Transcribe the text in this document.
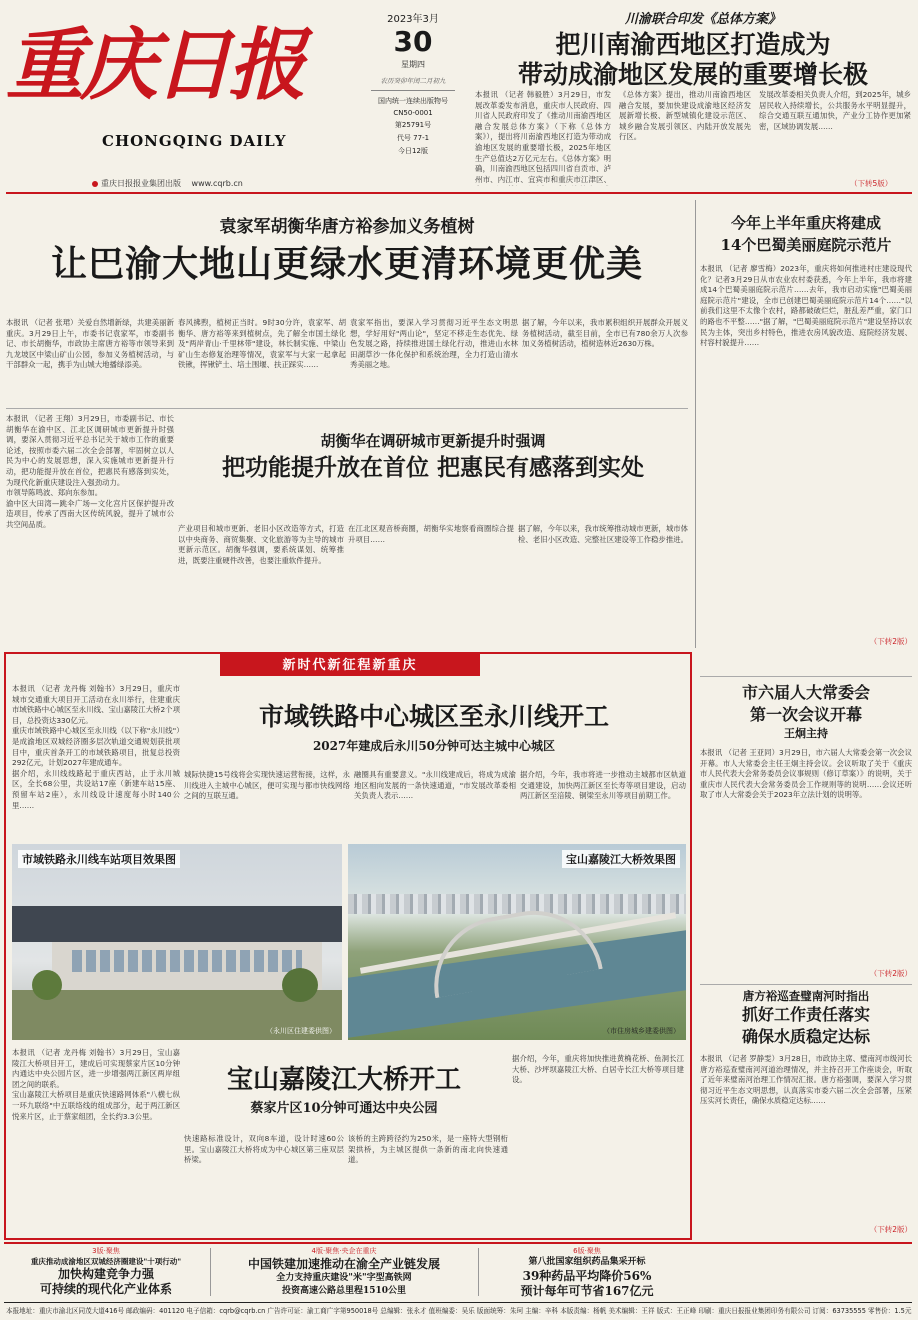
重庆日报
CHONGQING DAILY
重庆日报报业集团出版 www.cqrb.cn
2023年3月
30
星期四
农历癸卯年闰二月初九
国内统一连续出版物号
CN50-0001
第25791号
代号 77-1
今日12版
川渝联合印发《总体方案》
把川南渝西地区打造成为
带动成渝地区发展的重要增长极
本报讯 （记者 韩毅胜）3月29日，市发展改革委发布消息，重庆市人民政府、四川省人民政府印发了《推动川南渝西地区融合发展总体方案》（下称《总体方案》），提出将川南渝西地区打造为带动成渝地区发展的重要增长极，2025年地区生产总值达2万亿元左右。《总体方案》明确，川南渝西地区包括四川省自贡市、泸州市、内江市、宜宾市和重庆市江津区、
《总体方案》提出，推动川南渝西地区融合发展，要加快建设成渝地区经济发展新增长极、新型城镇化建设示范区、城乡融合发展引领区、内陆开放发展先行区。
发展改革委相关负责人介绍，到2025年，城乡居民收入持续增长，公共服务水平明显提升，综合交通互联互通加快，产业分工协作更加紧密，区域协调发展……
（下转5版）
袁家军胡衡华唐方裕参加义务植树
让巴渝大地山更绿水更清环境更优美
本报讯 （记者 张珺）关爱自然增新绿，共建美丽新重庆。3月29日上午，市委书记袁家军，市委副书记、市长胡衡华，市政协主席唐方裕等市领导来到九龙坡区中梁山矿山公园，参加义务植树活动，与干部群众一起，携手为山城大地播绿添美。
春风拂煦，植树正当时。9时30分许，袁家军、胡衡华、唐方裕等来到植树点，先了解全市国土绿化及"两岸青山·千里林带"建设，林长制实施、中梁山矿山生态修复治理等情况，袁家军与大家一起拿起铁锹，挥锹铲土、培土围堰、扶正踩实……
袁家军指出，要深入学习贯彻习近平生态文明思想，学好用好"两山论"，坚定不移走生态优先、绿色发展之路，持续推进国土绿化行动，推进山水林田湖草沙一体化保护和系统治理，全力打造山清水秀美丽之地。
据了解，今年以来，我市累积组织开展群众开展义务植树活动，截至目前，全市已有780余万人次参加义务植树活动，植树造林近2630万株。
本报讯 （记者 王翔）3月29日，市委副书记、市长胡衡华在渝中区、江北区调研城市更新提升时强调，要深入贯彻习近平总书记关于城市工作的重要论述，按照市委六届二次全会部署，牢固树立以人民为中心的发展思想，深入实施城市更新提升行动，把功能提升放在首位，把惠民有感落到实处，为现代化新重庆建设注入强劲动力。
市领导陈鸣波、郑向东参加。
渝中区大田湾—跳伞广场—文化宫片区保护提升改造项目，传承了西南大区传统风貌，提升了城市公共空间品质。
胡衡华在调研城市更新提升时强调
把功能提升放在首位 把惠民有感落到实处
产业项目和城市更新、老旧小区改造等方式，打造以中央商务、商贸集聚、文化旅游等为主导的城市更新示范区。胡衡华强调，要系统谋划、统筹推进，既要注重硬件改善，也要注重软件提升。
在江北区观音桥商圈，胡衡华实地察看商圈综合提升项目……
据了解，今年以来，我市统筹推动城市更新，城市体检、老旧小区改造、完整社区建设等工作稳步推进。
新时代新征程新重庆
本报讯 （记者 龙丹梅 刘翰书）3月29日，重庆市城市交通重大项目开工活动在永川举行，住建重庆市域铁路中心城区至永川线、宝山嘉陵江大桥2个项目，总投资达330亿元。
重庆市域铁路中心城区至永川线（以下称"永川线"）是成渝地区双城经济圈多层次轨道交通规划获批项目中，重庆首条开工的市域铁路项目，批复总投资292亿元，计划2027年建成通车。
据介绍，永川线线路起于重庆西站，止于永川城区，全长68公里，共设站17座（新建车站15座、预留车站2座），永川线设计速度每小时140公里……
市域铁路中心城区至永川线开工
2027年建成后永川50分钟可达主城中心城区
城际快捷15号线将会实现快速运营衔接，这样，永川线进入主城中心城区，便可实现与都市快线网络之间的互联互通。
融圈具有重要意义。"永川线建成后，将成为成渝地区相向发展的一条快速通道，"市发展改革委相关负责人表示……
据介绍，今年，我市将进一步推动主城都市区轨道交通建设，加快两江新区至长寿等项目建设，启动两江新区至涪陵、铜梁至永川等项目前期工作。
市域铁路永川线车站项目效果图
（永川区住建委供图）
宝山嘉陵江大桥效果图
（市住房城乡建委供图）
本报讯 （记者 龙丹梅 刘翰书）3月29日，宝山嘉陵江大桥项目开工，建成后可实现蔡家片区10分钟内通达中央公园片区，进一步增强两江新区两岸组团之间的联系。
宝山嘉陵江大桥项目是重庆快速路网体系"八横七纵一环九联络"中五联络线的组成部分，起于两江新区悦来片区，止于蔡家组团，全长约3.3公里。
宝山嘉陵江大桥开工
蔡家片区10分钟可通达中央公园
快速路标准设计，双向8车道，设计时速60公里。宝山嘉陵江大桥将成为中心城区第三座双层桥梁。
该桥的主跨跨径约为250米，是一座特大型钢桁架拱桥，为主城区提供一条新的南北向快速通道。
据介绍，今年，重庆将加快推进黄桷花桥、鱼洞长江大桥、沙坪坝嘉陵江大桥、白居寺长江大桥等项目建设。
今年上半年重庆将建成
14个巴蜀美丽庭院示范片
本报讯 （记者 廖雪梅）2023年，重庆将如何推进村庄建设现代化？记者3月29日从市农业农村委获悉，今年上半年，我市将建成14个巴蜀美丽庭院示范片……去年，我市启动实施"巴蜀美丽庭院示范片"建设，全市已创建巴蜀美丽庭院示范片14个……"以前我们这里不太像个农村，路都破破烂烂，脏乱差严重，家门口的路也不平整……"据了解，"巴蜀美丽庭院示范片"建设坚持以农民为主体，突出乡村特色，推进农房风貌改造、庭院经济发展、村容村貌提升……
（下转2版）
市六届人大常委会
第一次会议开幕
王炯主持
本报讯 （记者 王亚同）3月29日，市六届人大常委会第一次会议开幕。市人大常委会主任王炯主持会议。会议听取了关于《重庆市人民代表大会常务委员会议事规则（修订草案）》的说明，关于重庆市人民代表大会常务委员会工作规则等的说明……会议还听取了市人大常委会关于2023年立法计划的说明等。
（下转2版）
唐方裕巡查璧南河时指出
抓好工作责任落实
确保水质稳定达标
本报讯 （记者 罗静雯）3月28日，市政协主席、璧南河市级河长唐方裕巡查璧南河河道治理情况，并主持召开工作座谈会，听取了近年来璧南河治理工作情况汇报。唐方裕强调，要深入学习贯彻习近平生态文明思想，认真落实市委六届二次全会部署，压紧压实河长责任，确保水质稳定达标……
（下转2版）
3版·聚焦
重庆推动成渝地区双城经济圈建设"十项行动"
加快构建竞争力强
可持续的现代化产业体系
4版·聚焦·央企在重庆
中国铁建加速推动在渝全产业链发展
全力支持重庆建设"米"字型高铁网
投资高速公路总里程1510公里
6版·聚焦
第八批国家组织药品集采开标
39种药品平均降价56%
预计每年可节省167亿元
本报地址：重庆市渝北区同茂大道416号 邮政编码：401120 电子信箱：cqrb@cqrb.cn 广告许可证：渝工商广字第950018号 总编辑：张永才 值班编委：吴乐 版面统筹：朱珂 主编：辛科 本版责编：杨帆 美术编辑：王祥 版式：王正峰 印刷：重庆日报报业集团印务有限公司 订阅：63735555 零售价：1.5元
